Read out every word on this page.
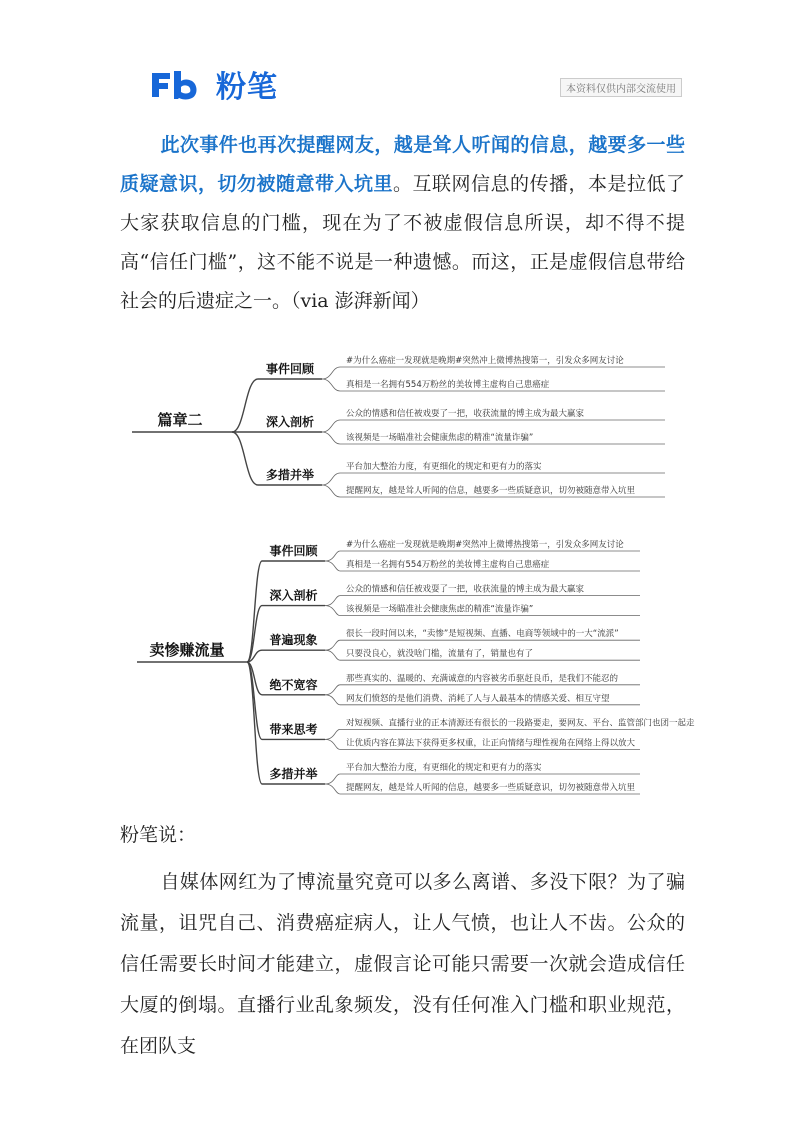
粉笔	本资料仅供内部交流使用
此次事件也再次提醒网友，越是耸人听闻的信息，越要多一些质疑意识，切勿被随意带入坑里。互联网信息的传播，本是拉低了大家获取信息的门槛，现在为了不被虚假信息所误，却不得不提高“信任门槛”，这不能不说是一种遗憾。而这，正是虚假信息带给社会的后遗症之一。（via 澎湃新闻）
篇章二
事件回顾
#为什么癌症一发现就是晚期#突然冲上微博热搜第一，引发众多网友讨论
真相是一名拥有554万粉丝的美妆博主虚构自己患癌症
深入剖析
公众的情感和信任被戏耍了一把，收获流量的博主成为最大赢家
该视频是一场瞄准社会健康焦虑的精准“流量诈骗”
多措并举
平台加大整治力度，有更细化的规定和更有力的落实
提醒网友，越是耸人听闻的信息，越要多一些质疑意识，切勿被随意带入坑里
卖惨赚流量
事件回顾	#为什么癌症一发现就是晚期#突然冲上微博热搜第一，引发众多网友讨论
真相是一名拥有554万粉丝的美妆博主虚构自己患癌症
深入剖析	公众的情感和信任被戏耍了一把，收获流量的博主成为最大赢家
该视频是一场瞄准社会健康焦虑的精准“流量诈骗”
普遍现象	很长一段时间以来，“卖惨”是短视频、直播、电商等领域中的一大“流派”
只要没良心，就没啥门槛，流量有了，销量也有了
绝不宽容	那些真实的、温暖的、充满诚意的内容被劣币驱赶良币，是我们不能忍的
网友们愤怒的是他们消费、消耗了人与人最基本的情感关爱、相互守望
带来思考	对短视频、直播行业的正本清源还有很长的一段路要走，要网友、平台、监管部门也团一起走
让优质内容在算法下获得更多权重，让正向情绪与理性视角在网络上得以放大
多措并举	平台加大整治力度，有更细化的规定和更有力的落实
提醒网友，越是耸人听闻的信息，越要多一些质疑意识，切勿被随意带入坑里
粉笔说：
自媒体网红为了博流量究竟可以多么离谱、多没下限？为了骗流量，诅咒自己、消费癌症病人，让人气愤，也让人不齿。公众的信任需要长时间才能建立，虚假言论可能只需要一次就会造成信任大厦的倒塌。直播行业乱象频发，没有任何准入门槛和职业规范，在团队支
